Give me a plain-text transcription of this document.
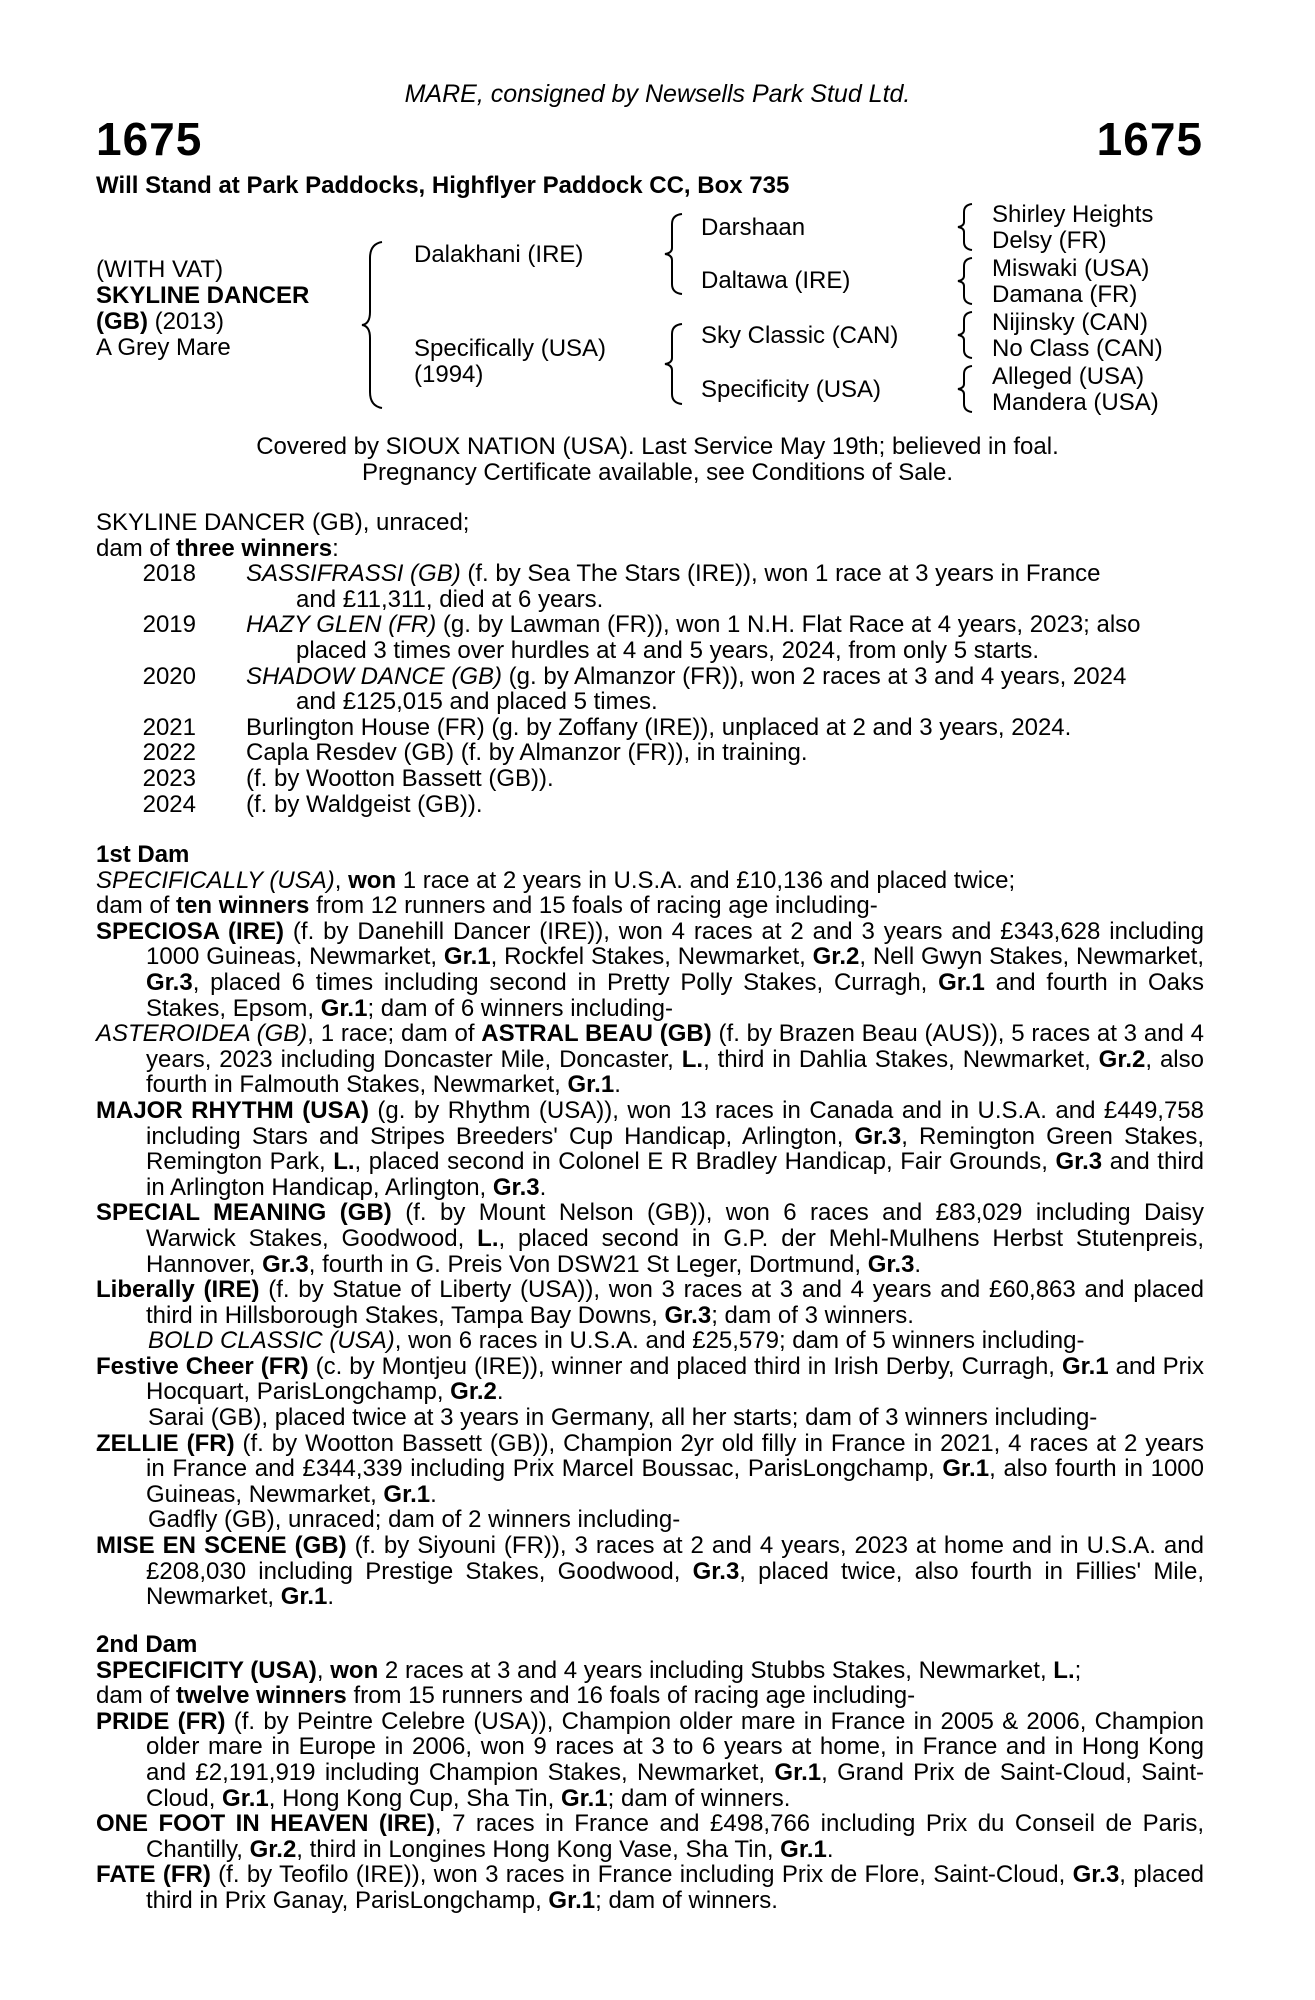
MARE, consigned by Newsells Park Stud Ltd.
1675	1675
Will Stand at Park Paddocks, Highflyer Paddock CC, Box 735
(WITH VAT)
SKYLINE DANCER
(GB) (2013)
A Grey Mare
Dalakhani (IRE)
Specifically (USA)
(1994)
Darshaan
Daltawa (IRE)
Sky Classic (CAN)
Specificity (USA)
Shirley Heights
Delsy (FR)
Miswaki (USA)
Damana (FR)
Nijinsky (CAN)
No Class (CAN)
Alleged (USA)
Mandera (USA)
Covered by SIOUX NATION (USA). Last Service May 19th; believed in foal.
Pregnancy Certificate available, see Conditions of Sale.
SKYLINE DANCER (GB), unraced;
dam of three winners:
2018	SASSIFRASSI (GB) (f. by Sea The Stars (IRE)), won 1 race at 3 years in France
and £11,311, died at 6 years.
2019	HAZY GLEN (FR) (g. by Lawman (FR)), won 1 N.H. Flat Race at 4 years, 2023; also
placed 3 times over hurdles at 4 and 5 years, 2024, from only 5 starts.
2020	SHADOW DANCE (GB) (g. by Almanzor (FR)), won 2 races at 3 and 4 years, 2024
and £125,015 and placed 5 times.
2021	Burlington House (FR) (g. by Zoffany (IRE)), unplaced at 2 and 3 years, 2024.
2022	Capla Resdev (GB) (f. by Almanzor (FR)), in training.
2023	(f. by Wootton Bassett (GB)).
2024	(f. by Waldgeist (GB)).
1st Dam
SPECIFICALLY (USA), won 1 race at 2 years in U.S.A. and £10,136 and placed twice;
dam of ten winners from 12 runners and 15 foals of racing age including-
SPECIOSA (IRE) (f. by Danehill Dancer (IRE)), won 4 races at 2 and 3 years and £343,628 including 1000 Guineas, Newmarket, Gr.1, Rockfel Stakes, Newmarket, Gr.2, Nell Gwyn Stakes, Newmarket, Gr.3, placed 6 times including second in Pretty Polly Stakes, Curragh, Gr.1 and fourth in Oaks Stakes, Epsom, Gr.1; dam of 6 winners including-
ASTEROIDEA (GB), 1 race; dam of ASTRAL BEAU (GB) (f. by Brazen Beau (AUS)), 5 races at 3 and 4 years, 2023 including Doncaster Mile, Doncaster, L., third in Dahlia Stakes, Newmarket, Gr.2, also fourth in Falmouth Stakes, Newmarket, Gr.1.
MAJOR RHYTHM (USA) (g. by Rhythm (USA)), won 13 races in Canada and in U.S.A. and £449,758 including Stars and Stripes Breeders' Cup Handicap, Arlington, Gr.3, Remington Green Stakes, Remington Park, L., placed second in Colonel E R Bradley Handicap, Fair Grounds, Gr.3 and third in Arlington Handicap, Arlington, Gr.3.
SPECIAL MEANING (GB) (f. by Mount Nelson (GB)), won 6 races and £83,029 including Daisy Warwick Stakes, Goodwood, L., placed second in G.P. der Mehl-Mulhens Herbst Stutenpreis, Hannover, Gr.3, fourth in G. Preis Von DSW21 St Leger, Dortmund, Gr.3.
Liberally (IRE) (f. by Statue of Liberty (USA)), won 3 races at 3 and 4 years and £60,863 and placed third in Hillsborough Stakes, Tampa Bay Downs, Gr.3; dam of 3 winners.
BOLD CLASSIC (USA), won 6 races in U.S.A. and £25,579; dam of 5 winners including-
Festive Cheer (FR) (c. by Montjeu (IRE)), winner and placed third in Irish Derby, Curragh, Gr.1 and Prix Hocquart, ParisLongchamp, Gr.2.
Sarai (GB), placed twice at 3 years in Germany, all her starts; dam of 3 winners including-
ZELLIE (FR) (f. by Wootton Bassett (GB)), Champion 2yr old filly in France in 2021, 4 races at 2 years in France and £344,339 including Prix Marcel Boussac, ParisLongchamp, Gr.1, also fourth in 1000 Guineas, Newmarket, Gr.1.
Gadfly (GB), unraced; dam of 2 winners including-
MISE EN SCENE (GB) (f. by Siyouni (FR)), 3 races at 2 and 4 years, 2023 at home and in U.S.A. and £208,030 including Prestige Stakes, Goodwood, Gr.3, placed twice, also fourth in Fillies' Mile, Newmarket, Gr.1.
2nd Dam
SPECIFICITY (USA), won 2 races at 3 and 4 years including Stubbs Stakes, Newmarket, L.;
dam of twelve winners from 15 runners and 16 foals of racing age including-
PRIDE (FR) (f. by Peintre Celebre (USA)), Champion older mare in France in 2005 & 2006, Champion older mare in Europe in 2006, won 9 races at 3 to 6 years at home, in France and in Hong Kong and £2,191,919 including Champion Stakes, Newmarket, Gr.1, Grand Prix de Saint-Cloud, Saint-Cloud, Gr.1, Hong Kong Cup, Sha Tin, Gr.1; dam of winners.
ONE FOOT IN HEAVEN (IRE), 7 races in France and £498,766 including Prix du Conseil de Paris, Chantilly, Gr.2, third in Longines Hong Kong Vase, Sha Tin, Gr.1.
FATE (FR) (f. by Teofilo (IRE)), won 3 races in France including Prix de Flore, Saint-Cloud, Gr.3, placed third in Prix Ganay, ParisLongchamp, Gr.1; dam of winners.
